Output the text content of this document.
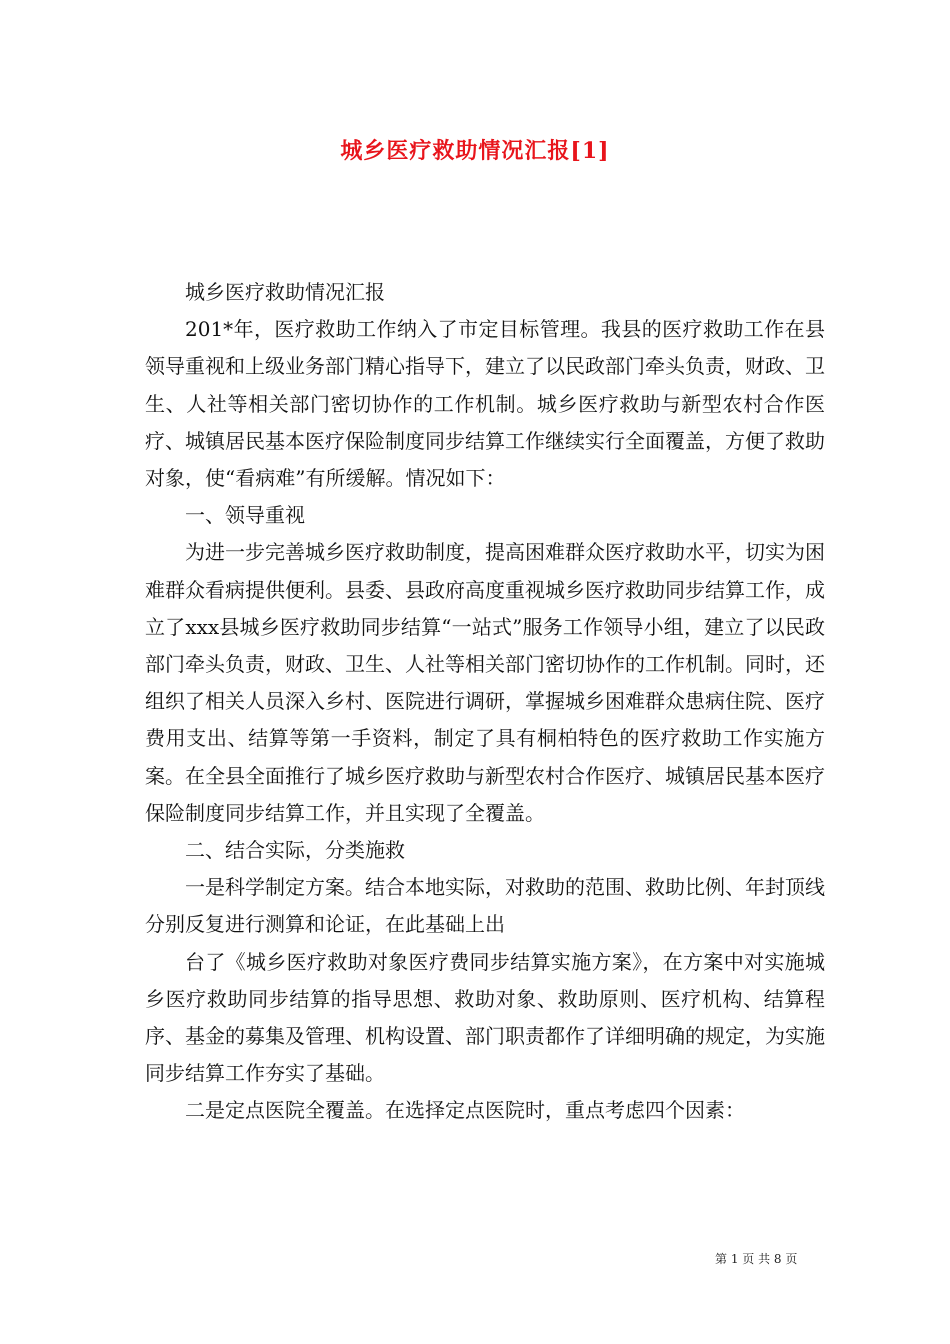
城乡医疗救助情况汇报[1]

城乡医疗救助情况汇报

201*年，医疗救助工作纳入了市定目标管理。我县的医疗救助工作在县领导重视和上级业务部门精心指导下，建立了以民政部门牵头负责，财政、卫生、人社等相关部门密切协作的工作机制。城乡医疗救助与新型农村合作医疗、城镇居民基本医疗保险制度同步结算工作继续实行全面覆盖，方便了救助对象，使“看病难”有所缓解。情况如下：

一、领导重视

为进一步完善城乡医疗救助制度，提高困难群众医疗救助水平，切实为困难群众看病提供便利。县委、县政府高度重视城乡医疗救助同步结算工作，成立了xxx县城乡医疗救助同步结算“一站式”服务工作领导小组，建立了以民政部门牵头负责，财政、卫生、人社等相关部门密切协作的工作机制。同时，还组织了相关人员深入乡村、医院进行调研，掌握城乡困难群众患病住院、医疗费用支出、结算等第一手资料，制定了具有桐柏特色的医疗救助工作实施方案。在全县全面推行了城乡医疗救助与新型农村合作医疗、城镇居民基本医疗保险制度同步结算工作，并且实现了全覆盖。

二、结合实际，分类施救

一是科学制定方案。结合本地实际，对救助的范围、救助比例、年封顶线分别反复进行测算和论证，在此基础上出

台了《城乡医疗救助对象医疗费同步结算实施方案》，在方案中对实施城乡医疗救助同步结算的指导思想、救助对象、救助原则、医疗机构、结算程序、基金的募集及管理、机构设置、部门职责都作了详细明确的规定，为实施同步结算工作夯实了基础。

二是定点医院全覆盖。在选择定点医院时，重点考虑四个因素：

第 1 页 共 8 页
